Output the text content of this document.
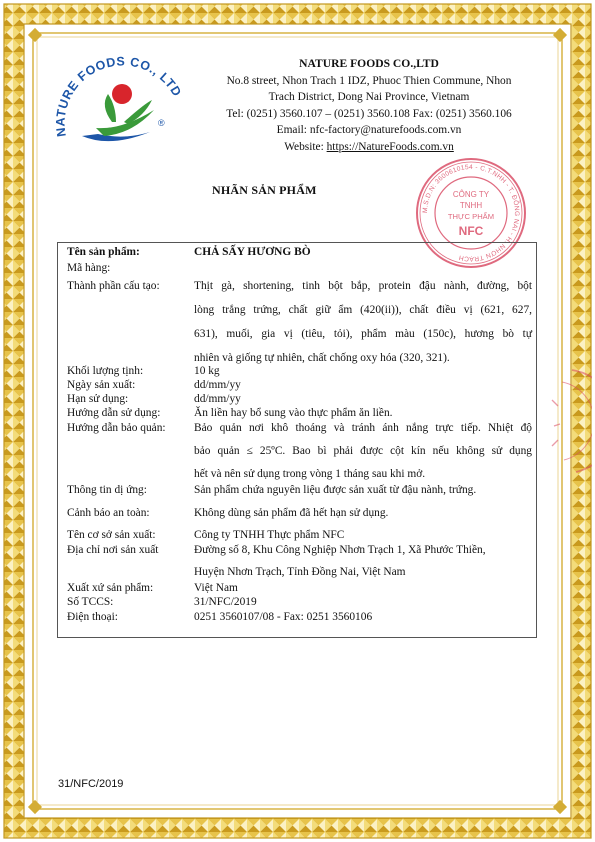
NATURE FOODS CO., LTD
®
NATURE FOODS CO.,LTD
No.8 street, Nhon Trach 1 IDZ, Phuoc Thien Commune, Nhon
Trach District, Dong Nai Province, Vietnam
Tel: (0251) 3560.107 – (0251) 3560.108 Fax: (0251) 3560.106
Email: nfc-factory@naturefoods.com.vn
Website: https://NatureFoods.com.vn
NHÃN SẢN PHẨM
M.S.D.N: 3600610154 - C.T.NHH - T. ĐỒNG NAI - H. NHƠN TRẠCH
CÔNG TY
TNHH
THỰC PHẨM
NFC
Tên sản phẩm:	CHẢ SẤY HƯƠNG BÒ
Mã hàng:
Thành phần cấu tạo:	Thịt gà, shortening, tinh bột bắp, protein đậu nành, đường, bột
lòng trắng trứng, chất giữ ẩm (420(ii)), chất điều vị (621, 627,
631), muối, gia vị (tiêu, tỏi), phẩm màu (150c), hương bò tự
nhiên và giống tự nhiên, chất chống oxy hóa (320, 321).
Khối lượng tịnh:	10 kg
Ngày sản xuất:	dd/mm/yy
Hạn sử dụng:	dd/mm/yy
Hướng dẫn sử dụng:	Ăn liền hay bổ sung vào thực phẩm ăn liền.
Hướng dẫn bảo quản: Bảo quản nơi khô thoáng và tránh ánh nắng trực tiếp. Nhiệt độ
bảo quản ≤ 25ºC. Bao bì phải được cột kín nếu không sử dụng
hết và nên sử dụng trong vòng 1 tháng sau khi mở.
Thông tin dị ứng:	Sản phẩm chứa nguyên liệu được sản xuất từ đậu nành, trứng.
Cảnh báo an toàn:	Không dùng sản phẩm đã hết hạn sử dụng.
Tên cơ sở sản xuất:	Công ty TNHH Thực phẩm NFC
Địa chỉ nơi sản xuất	Đường số 8, Khu Công Nghiệp Nhơn Trạch 1, Xã Phước Thiền,
Huyện Nhơn Trạch, Tỉnh Đồng Nai, Việt Nam
Xuất xứ sản phẩm:	Việt Nam
Số TCCS:	31/NFC/2019
Điện thoại:	0251 3560107/08 - Fax: 0251 3560106
31/NFC/2019
